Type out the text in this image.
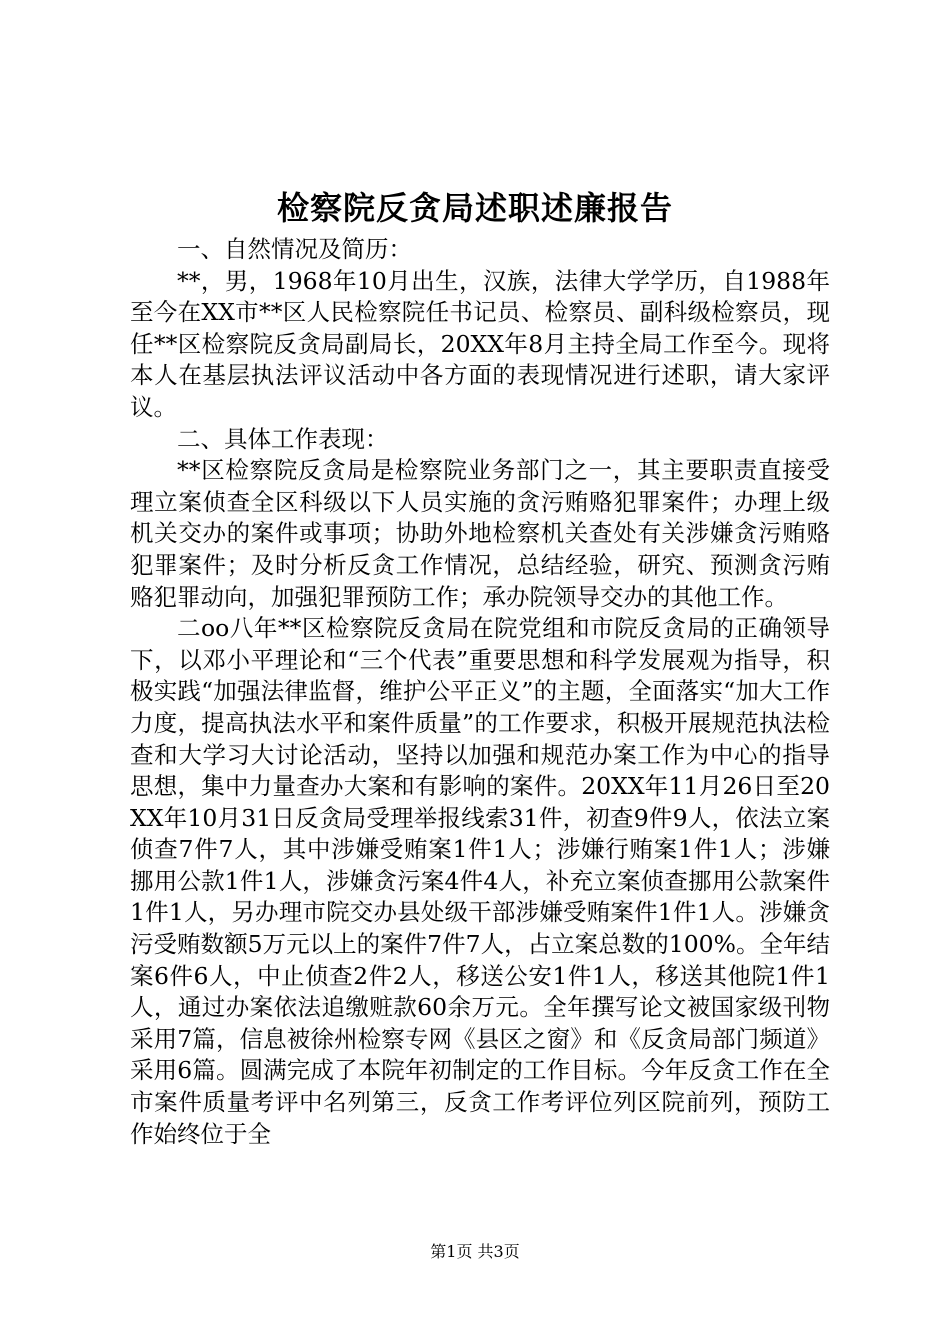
检察院反贪局述职述廉报告

一、自然情况及简历：

**，男，1968年10月出生，汉族，法律大学学历，自1988年至今在XX市**区人民检察院任书记员、检察员、副科级检察员，现任**区检察院反贪局副局长，20XX年8月主持全局工作至今。现将本人在基层执法评议活动中各方面的表现情况进行述职，请大家评议。

二、具体工作表现：

**区检察院反贪局是检察院业务部门之一，其主要职责直接受理立案侦查全区科级以下人员实施的贪污贿赂犯罪案件；办理上级机关交办的案件或事项；协助外地检察机关查处有关涉嫌贪污贿赂犯罪案件；及时分析反贪工作情况，总结经验，研究、预测贪污贿赂犯罪动向，加强犯罪预防工作；承办院领导交办的其他工作。

二oo八年**区检察院反贪局在院党组和市院反贪局的正确领导下，以邓小平理论和“三个代表”重要思想和科学发展观为指导，积极实践“加强法律监督，维护公平正义”的主题，全面落实“加大工作力度，提高执法水平和案件质量”的工作要求，积极开展规范执法检查和大学习大讨论活动，坚持以加强和规范办案工作为中心的指导思想，集中力量查办大案和有影响的案件。20XX年11月26日至20XX年10月31日反贪局受理举报线索31件，初查9件9人，依法立案侦查7件7人，其中涉嫌受贿案1件1人；涉嫌行贿案1件1人；涉嫌挪用公款1件1人，涉嫌贪污案4件4人，补充立案侦查挪用公款案件1件1人，另办理市院交办县处级干部涉嫌受贿案件1件1人。涉嫌贪污受贿数额5万元以上的案件7件7人，占立案总数的100%。全年结案6件6人，中止侦查2件2人，移送公安1件1人，移送其他院1件1人，通过办案依法追缴赃款60余万元。全年撰写论文被国家级刊物采用7篇，信息被徐州检察专网《县区之窗》和《反贪局部门频道》采用6篇。圆满完成了本院年初制定的工作目标。今年反贪工作在全市案件质量考评中名列第三，反贪工作考评位列区院前列，预防工作始终位于全

第1页 共3页
